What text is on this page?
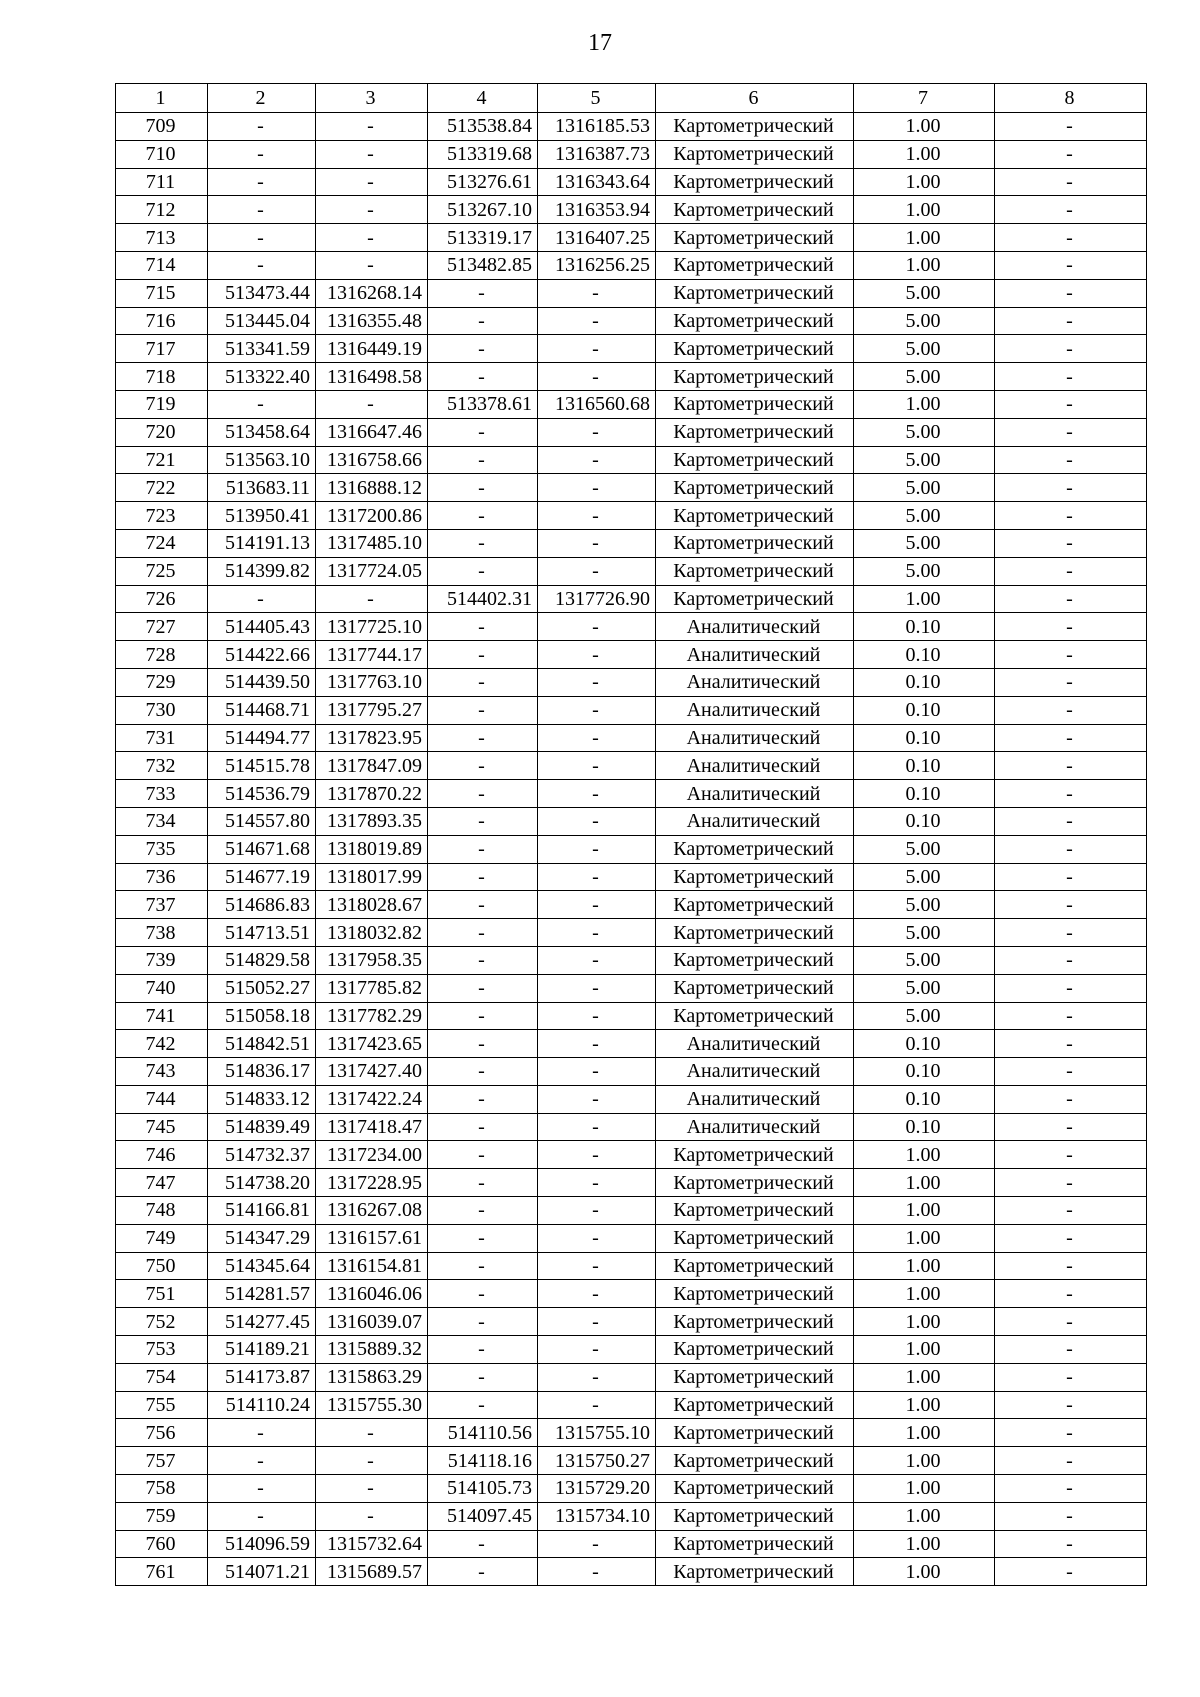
17
1	2	3	4	5	6	7	8
709	-	-	513538.84	1316185.53	Картометрический	1.00	-
710	-	-	513319.68	1316387.73	Картометрический	1.00	-
711	-	-	513276.61	1316343.64	Картометрический	1.00	-
712	-	-	513267.10	1316353.94	Картометрический	1.00	-
713	-	-	513319.17	1316407.25	Картометрический	1.00	-
714	-	-	513482.85	1316256.25	Картометрический	1.00	-
715	513473.44	1316268.14	-	-	Картометрический	5.00	-
716	513445.04	1316355.48	-	-	Картометрический	5.00	-
717	513341.59	1316449.19	-	-	Картометрический	5.00	-
718	513322.40	1316498.58	-	-	Картометрический	5.00	-
719	-	-	513378.61	1316560.68	Картометрический	1.00	-
720	513458.64	1316647.46	-	-	Картометрический	5.00	-
721	513563.10	1316758.66	-	-	Картометрический	5.00	-
722	513683.11	1316888.12	-	-	Картометрический	5.00	-
723	513950.41	1317200.86	-	-	Картометрический	5.00	-
724	514191.13	1317485.10	-	-	Картометрический	5.00	-
725	514399.82	1317724.05	-	-	Картометрический	5.00	-
726	-	-	514402.31	1317726.90	Картометрический	1.00	-
727	514405.43	1317725.10	-	-	Аналитический	0.10	-
728	514422.66	1317744.17	-	-	Аналитический	0.10	-
729	514439.50	1317763.10	-	-	Аналитический	0.10	-
730	514468.71	1317795.27	-	-	Аналитический	0.10	-
731	514494.77	1317823.95	-	-	Аналитический	0.10	-
732	514515.78	1317847.09	-	-	Аналитический	0.10	-
733	514536.79	1317870.22	-	-	Аналитический	0.10	-
734	514557.80	1317893.35	-	-	Аналитический	0.10	-
735	514671.68	1318019.89	-	-	Картометрический	5.00	-
736	514677.19	1318017.99	-	-	Картометрический	5.00	-
737	514686.83	1318028.67	-	-	Картометрический	5.00	-
738	514713.51	1318032.82	-	-	Картометрический	5.00	-
739	514829.58	1317958.35	-	-	Картометрический	5.00	-
740	515052.27	1317785.82	-	-	Картометрический	5.00	-
741	515058.18	1317782.29	-	-	Картометрический	5.00	-
742	514842.51	1317423.65	-	-	Аналитический	0.10	-
743	514836.17	1317427.40	-	-	Аналитический	0.10	-
744	514833.12	1317422.24	-	-	Аналитический	0.10	-
745	514839.49	1317418.47	-	-	Аналитический	0.10	-
746	514732.37	1317234.00	-	-	Картометрический	1.00	-
747	514738.20	1317228.95	-	-	Картометрический	1.00	-
748	514166.81	1316267.08	-	-	Картометрический	1.00	-
749	514347.29	1316157.61	-	-	Картометрический	1.00	-
750	514345.64	1316154.81	-	-	Картометрический	1.00	-
751	514281.57	1316046.06	-	-	Картометрический	1.00	-
752	514277.45	1316039.07	-	-	Картометрический	1.00	-
753	514189.21	1315889.32	-	-	Картометрический	1.00	-
754	514173.87	1315863.29	-	-	Картометрический	1.00	-
755	514110.24	1315755.30	-	-	Картометрический	1.00	-
756	-	-	514110.56	1315755.10	Картометрический	1.00	-
757	-	-	514118.16	1315750.27	Картометрический	1.00	-
758	-	-	514105.73	1315729.20	Картометрический	1.00	-
759	-	-	514097.45	1315734.10	Картометрический	1.00	-
760	514096.59	1315732.64	-	-	Картометрический	1.00	-
761	514071.21	1315689.57	-	-	Картометрический	1.00	-
